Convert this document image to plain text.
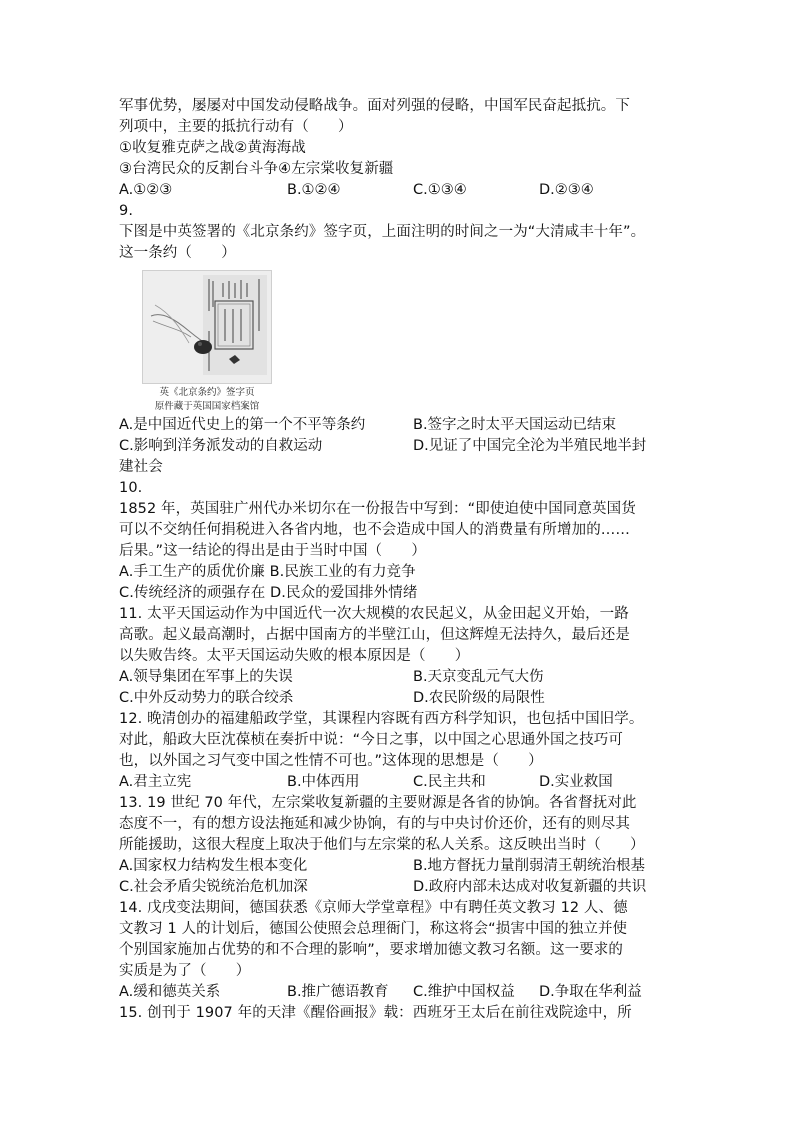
军事优势，屡屡对中国发动侵略战争。面对列强的侵略，中国军民奋起抵抗。下
列项中，主要的抵抗行动有（　　）
①收复雅克萨之战②黄海海战
③台湾民众的反割台斗争④左宗棠收复新疆
A.①②③	B.①②④	C.①③④	D.②③④
9.
下图是中英签署的《北京条约》签字页，上面注明的时间之一为“大清咸丰十年”。
这一条约（　　）
英《北京条约》签字页
原件藏于英国国家档案馆
A.是中国近代史上的第一个不平等条约	B.签字之时太平天国运动已结束
C.影响到洋务派发动的自救运动	D.见证了中国完全沦为半殖民地半封
建社会
10.
1852 年，英国驻广州代办米切尔在一份报告中写到：“即使迫使中国同意英国货
可以不交纳任何捐税进入各省内地，也不会造成中国人的消费量有所增加的……
后果。”这一结论的得出是由于当时中国（　　）
A.手工生产的质优价廉 B.民族工业的有力竞争
C.传统经济的顽强存在 D.民众的爱国排外情绪
11. 太平天国运动作为中国近代一次大规模的农民起义，从金田起义开始，一路
高歌。起义最高潮时，占据中国南方的半壁江山，但这辉煌无法持久，最后还是
以失败告终。太平天国运动失败的根本原因是（　　）
A.领导集团在军事上的失误	B.天京变乱元气大伤
C.中外反动势力的联合绞杀	D.农民阶级的局限性
12. 晚清创办的福建船政学堂，其课程内容既有西方科学知识，也包括中国旧学。
对此，船政大臣沈葆桢在奏折中说：“今日之事，以中国之心思通外国之技巧可
也，以外国之习气变中国之性情不可也。”这体现的思想是（　　）
A.君主立宪	B.中体西用	C.民主共和	D.实业救国
13. 19 世纪 70 年代，左宗棠收复新疆的主要财源是各省的协饷。各省督抚对此
态度不一，有的想方设法拖延和减少协饷，有的与中央讨价还价，还有的则尽其
所能援助，这很大程度上取决于他们与左宗棠的私人关系。这反映出当时（　　）
A.国家权力结构发生根本变化	B.地方督抚力量削弱清王朝统治根基
C.社会矛盾尖锐统治危机加深	D.政府内部未达成对收复新疆的共识
14. 戊戌变法期间，德国获悉《京师大学堂章程》中有聘任英文教习 12 人、德
文教习 1 人的计划后，德国公使照会总理衙门，称这将会“损害中国的独立并使
个别国家施加占优势的和不合理的影响”，要求增加德文教习名额。这一要求的
实质是为了（　　）
A.缓和德英关系	B.推广德语教育 C.维护中国权益 D.争取在华利益
15. 创刊于 1907 年的天津《醒俗画报》载：西班牙王太后在前往戏院途中，所
